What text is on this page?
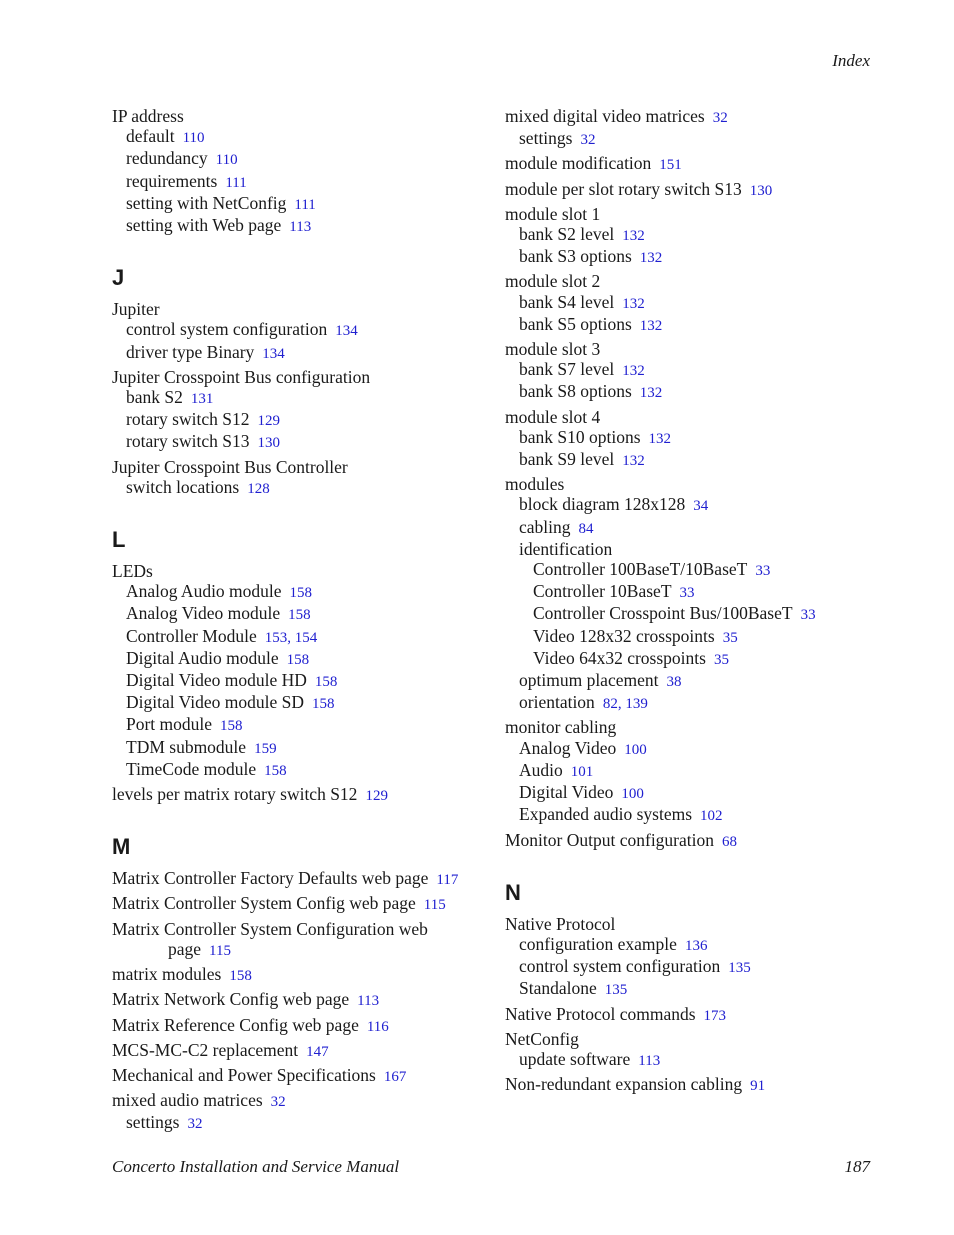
Index
IP address
default 110
redundancy 110
requirements 111
setting with NetConfig 111
setting with Web page 113
J
Jupiter
control system configuration 134
driver type Binary 134
Jupiter Crosspoint Bus configuration
bank S2 131
rotary switch S12 129
rotary switch S13 130
Jupiter Crosspoint Bus Controller
switch locations 128
L
LEDs
Analog Audio module 158
Analog Video module 158
Controller Module 153, 154
Digital Audio module 158
Digital Video module HD 158
Digital Video module SD 158
Port module 158
TDM submodule 159
TimeCode module 158
levels per matrix rotary switch S12 129
M
Matrix Controller Factory Defaults web page 117
Matrix Controller System Config web page 115
Matrix Controller System Configuration web
page 115
matrix modules 158
Matrix Network Config web page 113
Matrix Reference Config web page 116
MCS-MC-C2 replacement 147
Mechanical and Power Specifications 167
mixed audio matrices 32
settings 32
mixed digital video matrices 32
settings 32
module modification 151
module per slot rotary switch S13 130
module slot 1
bank S2 level 132
bank S3 options 132
module slot 2
bank S4 level 132
bank S5 options 132
module slot 3
bank S7 level 132
bank S8 options 132
module slot 4
bank S10 options 132
bank S9 level 132
modules
block diagram 128x128 34
cabling 84
identification
Controller 100BaseT/10BaseT 33
Controller 10BaseT 33
Controller Crosspoint Bus/100BaseT 33
Video 128x32 crosspoints 35
Video 64x32 crosspoints 35
optimum placement 38
orientation 82, 139
monitor cabling
Analog Video 100
Audio 101
Digital Video 100
Expanded audio systems 102
Monitor Output configuration 68
N
Native Protocol
configuration example 136
control system configuration 135
Standalone 135
Native Protocol commands 173
NetConfig
update software 113
Non-redundant expansion cabling 91
Concerto Installation and Service Manual	187
